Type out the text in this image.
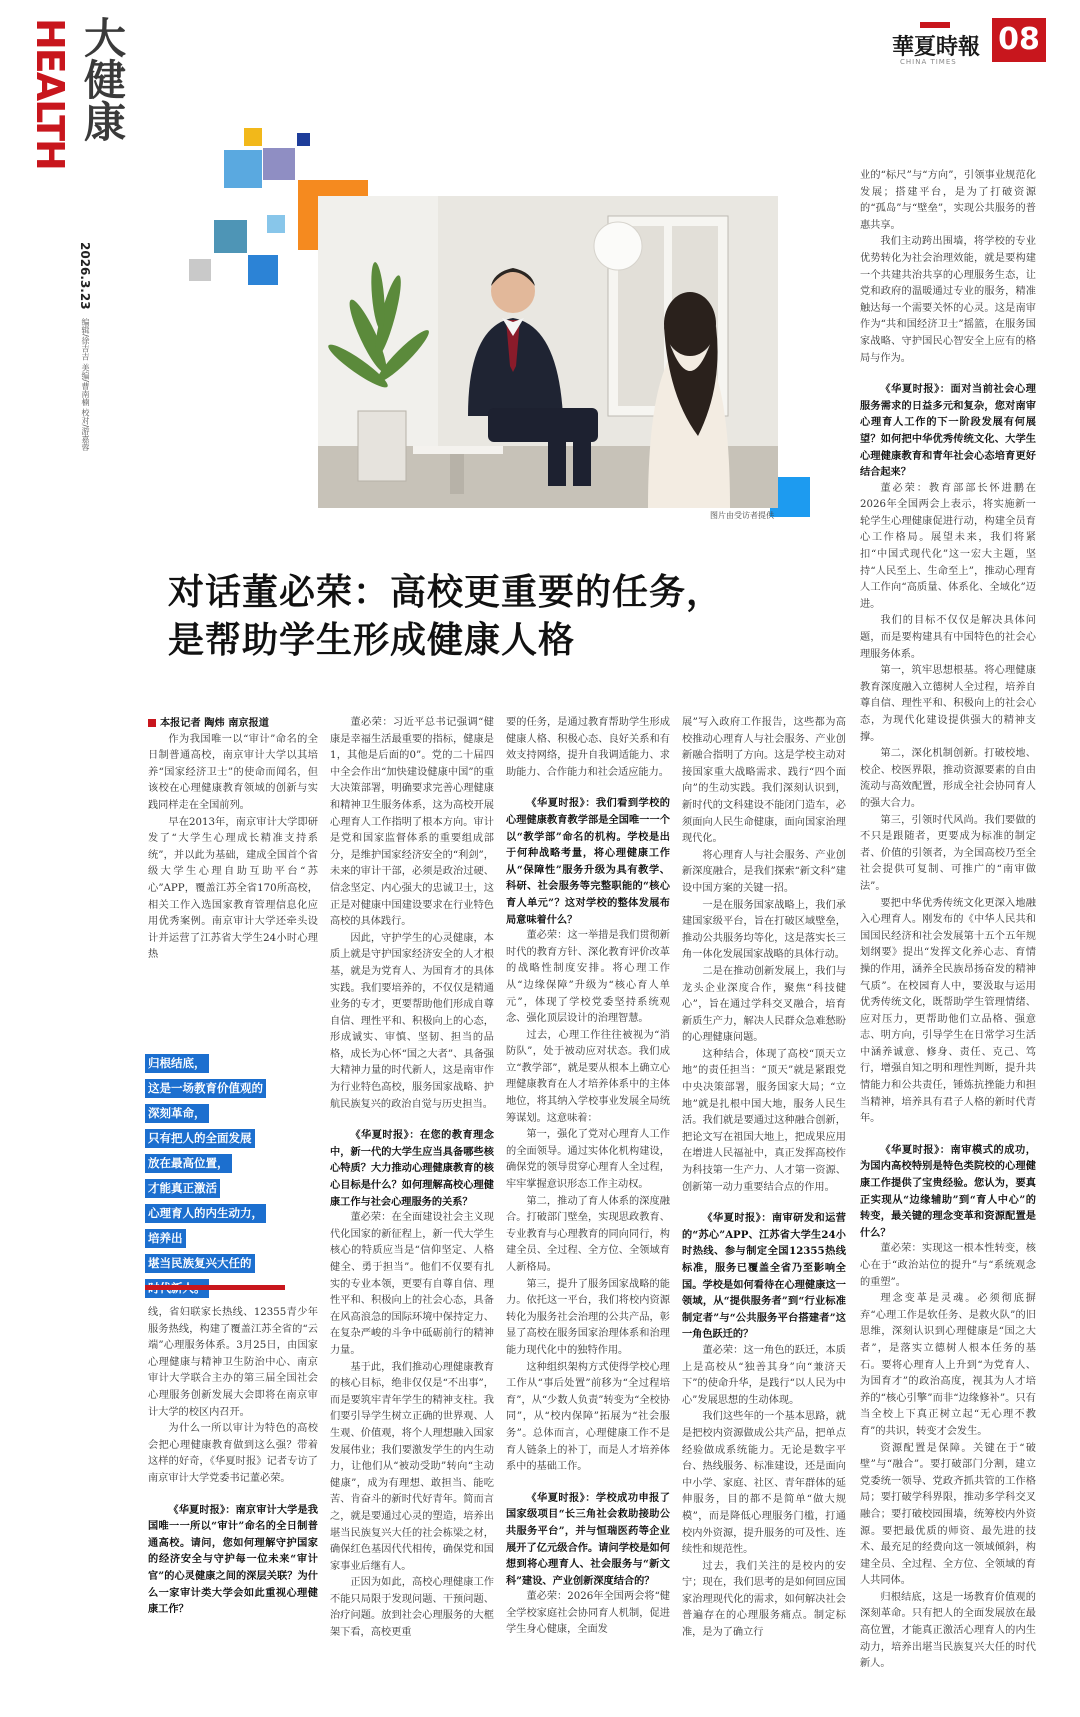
HEALTH 大健康
2026.3.23
编辑/徐吉吉 美编/曹南楠 校对/游嘉蓉
華夏時報
CHINA TIMES
08
图片由受访者提供
对话董必荣：高校更重要的任务，
是帮助学生形成健康人格

本报记者 陶炜 南京报道

作为我国唯一以“审计”命名的全日制普通高校，南京审计大学以其培养“国家经济卫士”的使命而闻名，但该校在心理健康教育领域的创新与实践同样走在全国前列。

早在2013年，南京审计大学即研发了“大学生心理成长精准支持系统”，并以此为基础，建成全国首个省级大学生心理自助互助平台“苏心”APP，覆盖江苏全省170所高校，相关工作入选国家教育管理信息化应用优秀案例。南京审计大学还牵头设计并运营了江苏省大学生24小时心理热

归根结底，
这是一场教育价值观的
深刻革命，
只有把人的全面发展
放在最高位置，
才能真正激活
心理育人的内生动力，
培养出
堪当民族复兴大任的

线，省妇联家长热线、12355青少年服务热线，构建了覆盖江苏全省的“云端”心理服务体系。3月25日，由国家心理健康与精神卫生防治中心、南京审计大学联合主办的第三届全国社会心理服务创新发展大会即将在南京审计大学的校区内召开。

为什么一所以审计为特色的高校会把心理健康教育做到这么强？带着这样的好奇，《华夏时报》记者专访了南京审计大学党委书记董必荣。

《华夏时报》：南京审计大学是我国唯一一所以“审计”命名的全日制普通高校。请问，您如何理解守护国家的经济安全与守护每一位未来“审计官”的心灵健康之间的深层关联？为什么一家审计类大学会如此重视心理健康工作？

董必荣：习近平总书记强调“健康是幸福生活最重要的指标，健康是1，其他是后面的0”。党的二十届四中全会作出“加快建设健康中国”的重大决策部署，明确要求完善心理健康和精神卫生服务体系，这为高校开展心理育人工作指明了根本方向。审计是党和国家监督体系的重要组成部分，是维护国家经济安全的“利剑”，未来的审计干部，必须是政治过硬、信念坚定、内心强大的忠诚卫士，这正是对健康中国建设要求在行业特色高校的具体践行。

因此，守护学生的心灵健康，本质上就是守护国家经济安全的人才根基，就是为党育人、为国育才的具体实践。我们要培养的，不仅仅是精通业务的专才，更要帮助他们形成自尊自信、理性平和、积极向上的心态，形成诚实、审慎、坚韧、担当的品格，成长为心怀“国之大者”、具备强大精神力量的时代新人，这是南审作为行业特色高校，服务国家战略、护航民族复兴的政治自觉与历史担当。

《华夏时报》：在您的教育理念中，新一代的大学生应当具备哪些核心特质？大力推动心理健康教育的核心目标是什么？如何理解高校心理健康工作与社会心理服务的关系？

董必荣：在全面建设社会主义现代化国家的新征程上，新一代大学生核心的特质应当是“信仰坚定、人格健全、勇于担当”。他们不仅要有扎实的专业本领，更要有自尊自信、理性平和、积极向上的社会心态，具备在风高浪急的国际环境中保持定力、在复杂严峻的斗争中砥砺前行的精神力量。

基于此，我们推动心理健康教育的核心目标，绝非仅仅是“不出事”，而是要筑牢青年学生的精神支柱。我们要引导学生树立正确的世界观、人生观、价值观，将个人理想融入国家发展伟业；我们要激发学生的内生动力，让他们从“被动受助”转向“主动健康”，成为有理想、敢担当、能吃苦、肯奋斗的新时代好青年。简而言之，就是要通过心灵的塑造，培养出堪当民族复兴大任的社会栋梁之材，确保红色基因代代相传，确保党和国家事业后继有人。

正因为如此，高校心理健康工作不能只局限于发现问题、干预问题、治疗问题。放到社会心理服务的大框架下看，高校更重

要的任务，是通过教育帮助学生形成健康人格、积极心态、良好关系和有效支持网络，提升自我调适能力、求助能力、合作能力和社会适应能力。

《华夏时报》：我们看到学校的心理健康教育教学部是全国唯一一个以“教学部”命名的机构。学校是出于何种战略考量，将心理健康工作从“保障性”服务升级为具有教学、科研、社会服务等完整职能的“核心育人单元”？这对学校的整体发展布局意味着什么？

董必荣：这一举措是我们贯彻新时代的教育方针、深化教育评价改革的战略性制度安排。将心理工作从“边缘保障”升级为“核心育人单元”，体现了学校党委坚持系统观念、强化顶层设计的治理智慧。

过去，心理工作往往被视为“消防队”，处于被动应对状态。我们成立“教学部”，就是要从根本上确立心理健康教育在人才培养体系中的主体地位，将其纳入学校事业发展全局统筹谋划。这意味着：

第一，强化了党对心理育人工作的全面领导。通过实体化机构建设，确保党的领导贯穿心理育人全过程，牢牢掌握意识形态工作主动权。

第二，推动了育人体系的深度融合。打破部门壁垒，实现思政教育、专业教育与心理教育的同向同行，构建全员、全过程、全方位、全领域育人新格局。

第三，提升了服务国家战略的能力。依托这一平台，我们将校内资源转化为服务社会治理的公共产品，彰显了高校在服务国家治理体系和治理能力现代化中的独特作用。

这种组织架构方式使得学校心理工作从“事后处置”前移为“全过程培育”，从“少数人负责”转变为“全校协同”，从“校内保障”拓展为“社会服务”。总体而言，心理健康工作不是育人链条上的补丁，而是人才培养体系中的基础工作。

《华夏时报》：学校成功申报了国家级项目“长三角社会救助接助公共服务平台”，并与恒瑞医药等企业展开了亿元级合作。请问学校是如何想到将心理育人、社会服务与“新文科”建设、产业创新深度结合的？

董必荣：2026年全国两会将“健全学校家庭社会协同育人机制，促进学生身心健康，全面发

展”写入政府工作报告，这些都为高校推动心理育人与社会服务、产业创新融合指明了方向。这是学校主动对接国家重大战略需求、践行“四个面向”的生动实践。我们深刻认识到，新时代的文科建设不能闭门造车，必须面向人民生命健康，面向国家治理现代化。

将心理育人与社会服务、产业创新深度融合，是我们探索“新文科”建设中国方案的关键一招。

一是在服务国家战略上，我们承建国家级平台，旨在打破区域壁垒，推动公共服务均等化，这是落实长三角一体化发展国家战略的具体行动。

二是在推动创新发展上，我们与龙头企业深度合作，聚焦“科技健心”，旨在通过学科交叉融合，培育新质生产力，解决人民群众急难愁盼的心理健康问题。

这种结合，体现了高校“顶天立地”的责任担当：“顶天”就是紧跟党中央决策部署，服务国家大局；“立地”就是扎根中国大地，服务人民生活。我们就是要通过这种融合创新，把论文写在祖国大地上，把成果应用在增进人民福祉中，真正发挥高校作为科技第一生产力、人才第一资源、创新第一动力重要结合点的作用。

《华夏时报》：南审研发和运营的“苏心”APP、江苏省大学生24小时热线、参与制定全国12355热线标准，服务已覆盖全省乃至影响全国。学校是如何看待在心理健康这一领域，从“提供服务者”到“行业标准制定者”与“公共服务平台搭建者”这一角色跃迁的？

董必荣：这一角色的跃迁，本质上是高校从“独善其身”向“兼济天下”的使命升华，是践行“以人民为中心”发展思想的生动体现。

我们这些年的一个基本思路，就是把校内资源做成公共产品，把单点经验做成系统能力。无论是数字平台、热线服务、标准建设，还是面向中小学、家庭、社区、青年群体的延伸服务，目的都不是简单“做大规模”，而是降低心理服务门槛，打通校内外资源，提升服务的可及性、连续性和规范性。

过去，我们关注的是校内的安宁；现在，我们思考的是如何回应国家治理现代化的需求，如何解决社会普遍存在的心理服务痛点。制定标准，是为了确立行

业的“标尺”与“方向”，引领事业规范化发展；搭建平台，是为了打破资源的“孤岛”与“壁垒”，实现公共服务的普惠共享。

我们主动跨出围墙，将学校的专业优势转化为社会治理效能，就是要构建一个共建共治共享的心理服务生态，让党和政府的温暖通过专业的服务，精准触达每一个需要关怀的心灵。这是南审作为“共和国经济卫士”摇篮，在服务国家战略、守护国民心智安全上应有的格局与作为。

《华夏时报》：面对当前社会心理服务需求的日益多元和复杂，您对南审心理育人工作的下一阶段发展有何展望？如何把中华优秀传统文化、大学生心理健康教育和青年社会心态培育更好结合起来？

董必荣：教育部部长怀进鹏在2026年全国两会上表示，将实施新一轮学生心理健康促进行动，构建全员育心工作格局。展望未来，我们将紧扣“中国式现代化”这一宏大主题，坚持“人民至上、生命至上”，推动心理育人工作向“高质量、体系化、全域化”迈进。

我们的目标不仅仅是解决具体问题，而是要构建具有中国特色的社会心理服务体系。

第一，筑牢思想根基。将心理健康教育深度融入立德树人全过程，培养自尊自信、理性平和、积极向上的社会心态，为现代化建设提供强大的精神支撑。

第二，深化机制创新。打破校地、校企、校医界限，推动资源要素的自由流动与高效配置，形成全社会协同育人的强大合力。

第三，引领时代风尚。我们要做的不只是跟随者，更要成为标准的制定者、价值的引领者，为全国高校乃至全社会提供可复制、可推广的“南审做法”。

要把中华优秀传统文化更深入地融入心理育人。刚发布的《中华人民共和国国民经济和社会发展第十五个五年规划纲要》提出“发挥文化养心志、育情操的作用，涵养全民族昂扬奋发的精神气质”。在校园育人中，要汲取与运用优秀传统文化，既帮助学生管理情绪、应对压力，更帮助他们立品格、强意志、明方向，引导学生在日常学习生活中涵养诚意、修身、责任、克己、笃行，增强自知之明和理性判断，提升共情能力和公共责任，锤炼抗挫能力和担当精神，培养具有君子人格的新时代青年。

《华夏时报》：南审模式的成功，为国内高校特别是特色类院校的心理健康工作提供了宝贵经验。您认为，要真正实现从“边缘辅助”到“育人中心”的转变，最关键的理念变革和资源配置是什么？

董必荣：实现这一根本性转变，核心在于“政治站位的提升”与“系统观念的重塑”。

理念变革是灵魂。必须彻底摒弃“心理工作是软任务、是救火队”的旧思维，深刻认识到心理健康是“国之大者”，是落实立德树人根本任务的基石。要将心理育人上升到“为党育人、为国育才”的政治高度，视其为人才培养的“核心引擎”而非“边缘修补”。只有当全校上下真正树立起“无心理不教育”的共识，转变才会发生。

资源配置是保障。关键在于“破壁”与“融合”。要打破部门分割，建立党委统一领导、党政齐抓共管的工作格局；要打破学科界限，推动多学科交叉融合；要打破校园围墙，统筹校内外资源。要把最优质的师资、最先进的技术、最充足的经费向这一领域倾斜，构建全员、全过程、全方位、全领域的育人共同体。

归根结底，这是一场教育价值观的深刻革命。只有把人的全面发展放在最高位置，才能真正激活心理育人的内生动力，培养出堪当民族复兴大任的时代新人。
